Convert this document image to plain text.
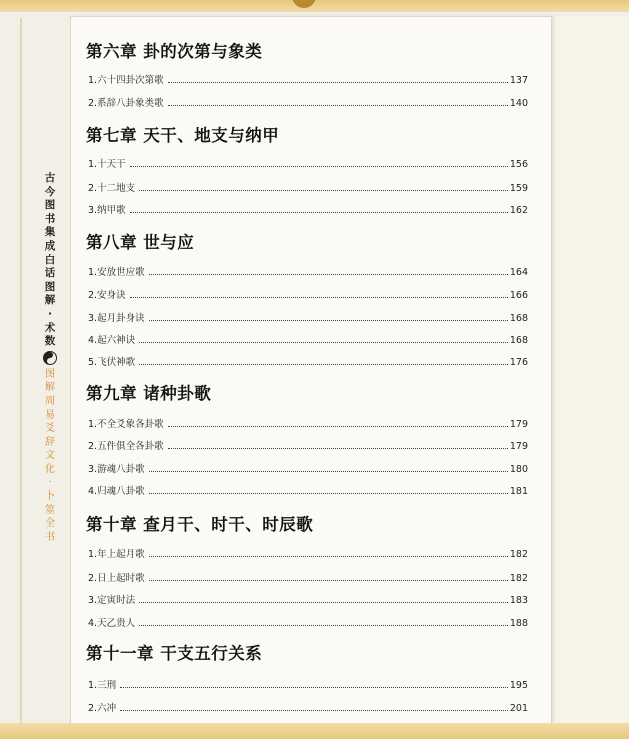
古
今
图
书
集
成
白
话
图
解
·
术
数
图
解
周
易
爻
辞
文
化
·
卜
筮
全
书
第六章 卦的次第与象类
1.六十四卦次第歌	137
2.系辞八卦象类歌	140
第七章 天干、地支与纳甲
1.十天干	156
2.十二地支	159
3.纳甲歌	162
第八章 世与应
1.安放世应歌	164
2.安身诀	166
3.起月卦身诀	168
4.起六神诀	168
5.飞伏神歌	176
第九章 诸种卦歌
1.不全爻象各卦歌	179
2.五件俱全各卦歌	179
3.游魂八卦歌	180
4.归魂八卦歌	181
第十章 查月干、时干、时辰歌
1.年上起月歌	182
2.日上起时歌	182
3.定寅时法	183
4.天乙贵人	188
第十一章 干支五行关系
1.三刑	195
2.六冲	201
